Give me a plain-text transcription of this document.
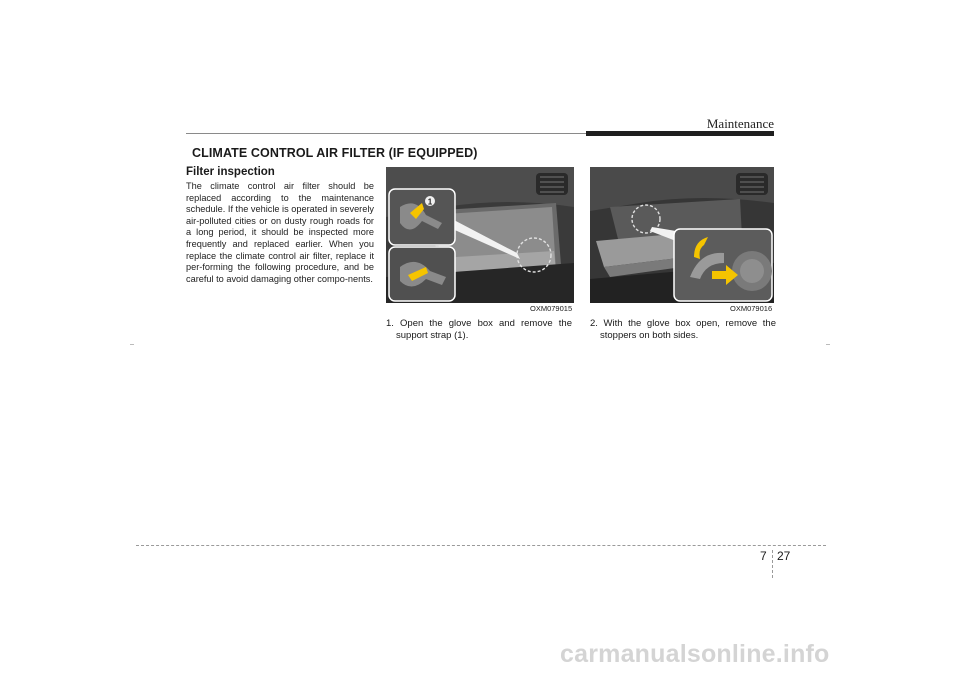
Maintenance
CLIMATE CONTROL AIR FILTER (IF EQUIPPED)
Filter inspection
The climate control air filter should be replaced according to the maintenance schedule. If the vehicle is operated in severely air-polluted cities or on dusty rough roads for a long period, it should be inspected more frequently and replaced earlier. When you replace the climate control air filter, replace it per-forming the following procedure, and be careful to avoid damaging other compo-nents.
1
OXM079015
1. Open the glove box and remove the support strap (1).
OXM079016
2. With the glove box open, remove the stoppers on both sides.
7 27
carmanualsonline.info
